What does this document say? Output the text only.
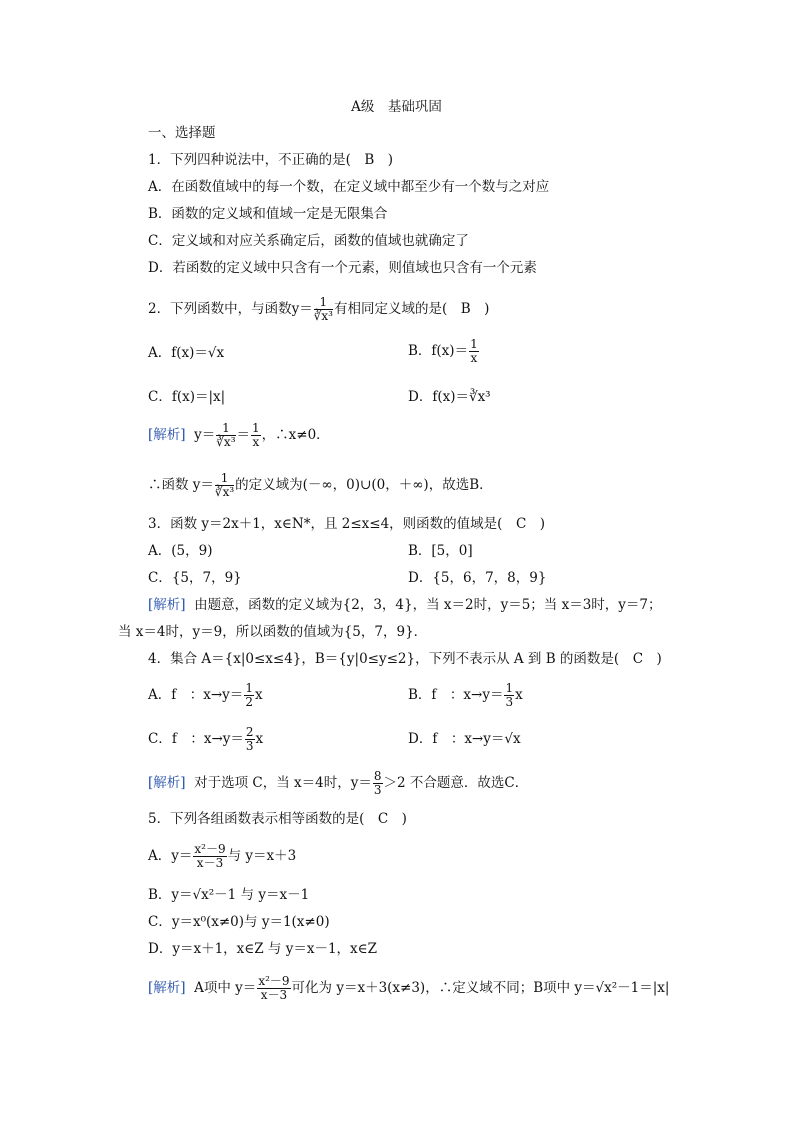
A级　基础巩固
一、选择题
1．下列四种说法中，不正确的是(　B　)
A．在函数值域中的每一个数，在定义域中都至少有一个数与之对应
B．函数的定义域和值域一定是无限集合
C．定义域和对应关系确定后，函数的值域也就确定了
D．若函数的定义域中只含有一个元素，则值域也只含有一个元素
2．下列函数中，与函数$y= \frac{1}{\text{∛x³}}$ 有相同定义域的是(　B　)
A．f(x)＝√x	B．$f(x)= \frac{1}{x}$
C．f(x)＝|x|	D．f(x)＝∛x³
[解析] $y= \frac{1}{\text{∛x³}} = \frac{1}{x}$ ，∴x≠0．
∴函数 $y= \frac{1}{\text{∛x³}}$ 的定义域为(－∞，0)∪(0，＋∞)，故选B．
3．函数 y＝2x＋1，x∈N*，且 2≤x≤4，则函数的值域是(　C　)
A．(5，9)	B．[5，0]
C．{5，7，9}	D．{5，6，7，8，9}
[解析] 由题意，函数的定义域为{2，3，4}，当 x＝2时，y＝5；当 x＝3时，y＝7；
当 x＝4时，y＝9，所以函数的值域为{5，7，9}．
4．集合 A＝{x|0≤x≤4}，B＝{y|0≤y≤2}，下列不表示从 A 到 B 的函数是(　C　)
A．f　：$x\to y= \frac{1}{2}$ x	B．f　：$x\to y= \frac{1}{3}$ x
C．f　：$x\to y= \frac{2}{3}$ x	D．f　：x→y＝√x
[解析] 对于选项 C，当 x＝4时，$y= \frac{8}{3} >2$ 不合题意．故选C．
5．下列各组函数表示相等函数的是(　C　)
A．$y= \frac{\text{x²－9}}{x-3}$ 与 y＝x＋3
B．y＝√x²－1 与 y＝x－1
C．y＝x⁰(x≠0)与 y＝1(x≠0)
D．y＝x＋1，x∈Z 与 y＝x－1，x∈Z
[解析] A项中 $y= \frac{\text{x²－9}}{x-3}$ 可化为 y＝x＋3(x≠3)，∴定义域不同；B项中 y＝√x²－1＝|x|
